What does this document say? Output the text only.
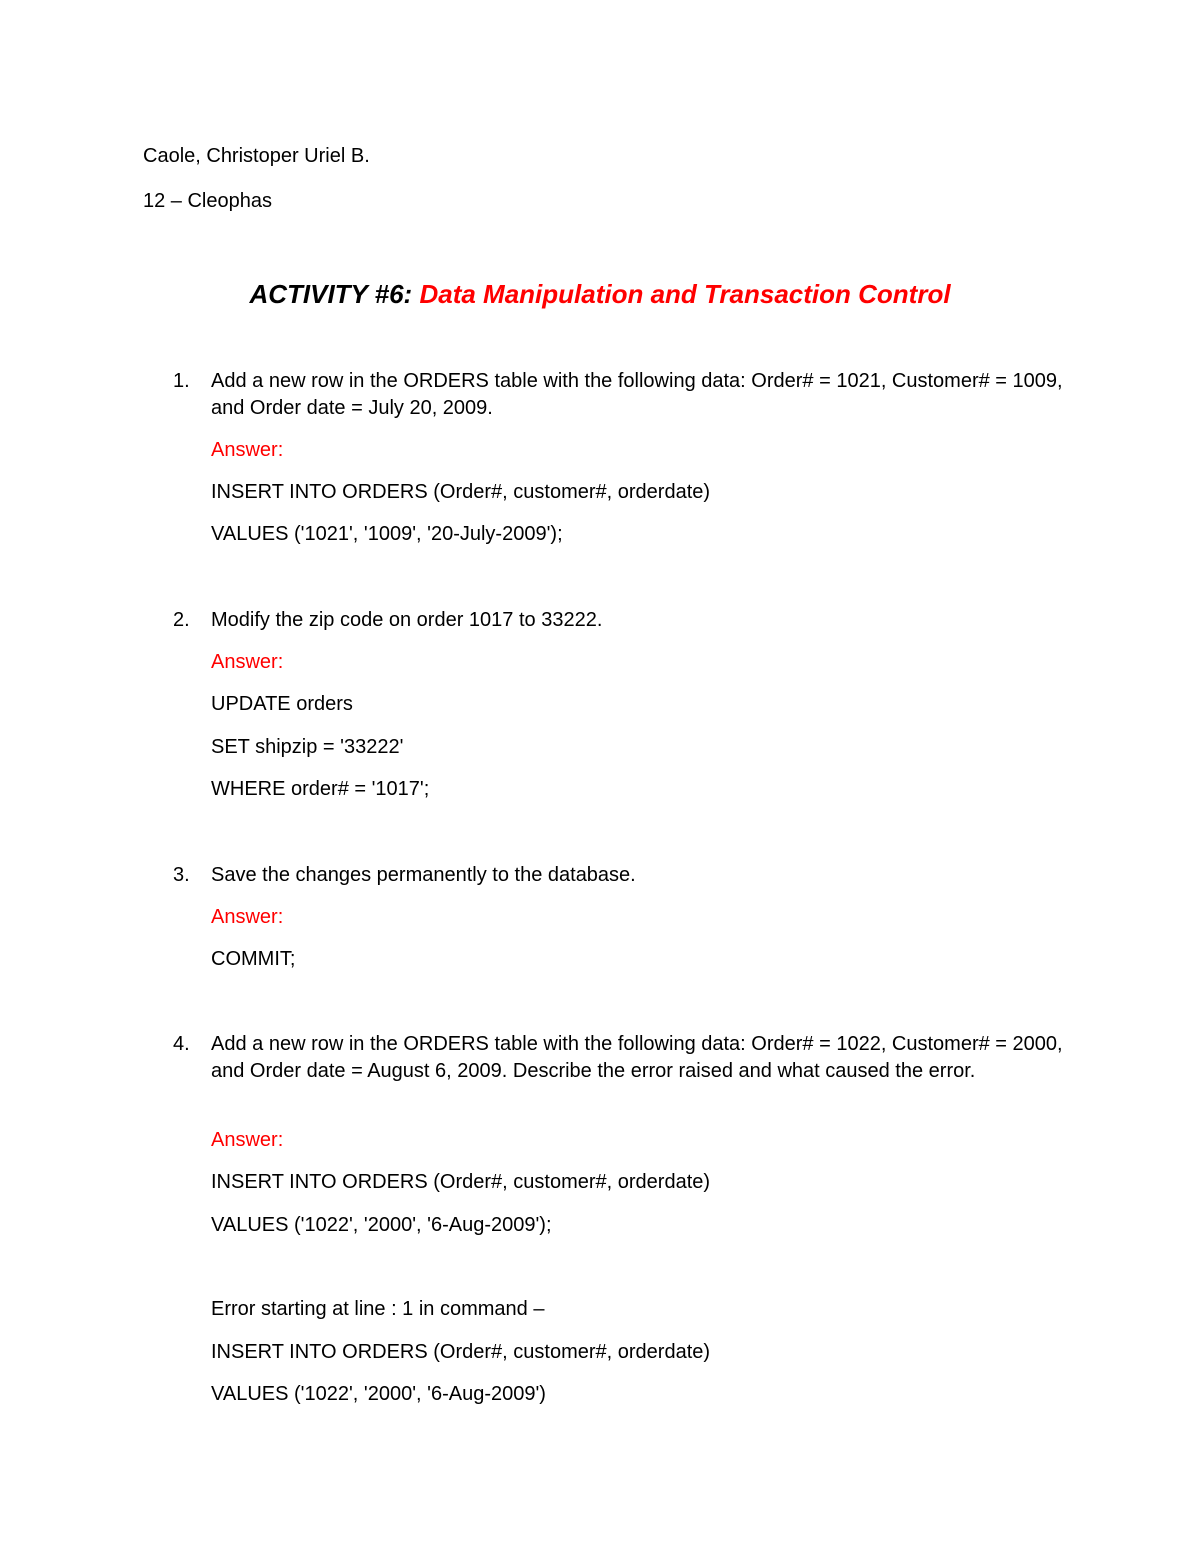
Caole, Christoper Uriel B.
12 – Cleophas
ACTIVITY #6: Data Manipulation and Transaction Control
1.	Add a new row in the ORDERS table with the following data: Order# = 1021, Customer# = 1009, and Order date = July 20, 2009.
Answer:
INSERT INTO ORDERS (Order#, customer#, orderdate)
VALUES ('1021', '1009', '20-July-2009');
2.	Modify the zip code on order 1017 to 33222.
Answer:
UPDATE orders
SET shipzip = '33222'
WHERE order# = '1017';
3.	Save the changes permanently to the database.
Answer:
COMMIT;
4.	Add a new row in the ORDERS table with the following data: Order# = 1022, Customer# = 2000, and Order date = August 6, 2009. Describe the error raised and what caused the error.
Answer:
INSERT INTO ORDERS (Order#, customer#, orderdate)
VALUES ('1022', '2000', '6-Aug-2009');
Error starting at line : 1 in command –
INSERT INTO ORDERS (Order#, customer#, orderdate)
VALUES ('1022', '2000', '6-Aug-2009')
